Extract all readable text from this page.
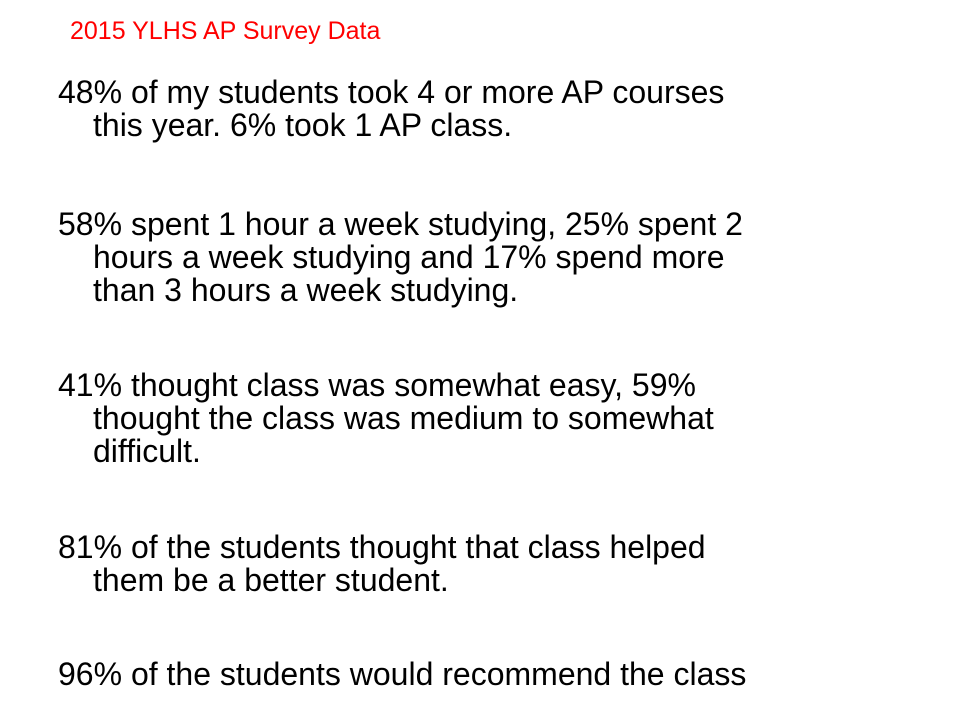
2015 YLHS AP Survey Data
48% of my students took 4 or more AP courses
this year. 6% took 1 AP class.
58% spent 1 hour a week studying, 25% spent 2
hours a week studying and 17% spend more
than 3 hours a week studying.
41% thought class was somewhat easy, 59%
thought the class was medium to somewhat
difficult.
81% of the students thought that class helped
them be a better student.
96% of the students would recommend the class
